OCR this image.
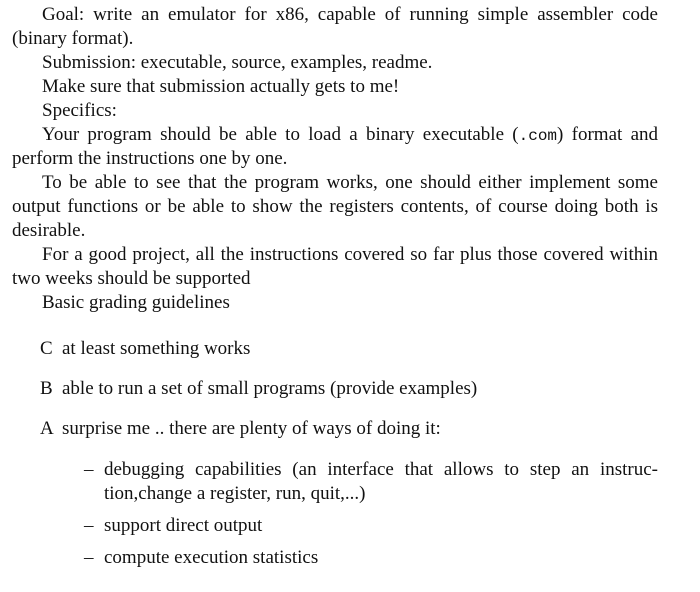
Goal: write an emulator for x86, capable of running simple assembler code
(binary format).
Submission: executable, source, examples, readme.
Make sure that submission actually gets to me!
Specifics:
Your program should be able to load a binary executable (.com) format and
perform the instructions one by one.
To be able to see that the program works, one should either implement some
output functions or be able to show the registers contents, of course doing both is
desirable.
For a good project, all the instructions covered so far plus those covered within
two weeks should be supported
Basic grading guidelines
C at least something works
B able to run a set of small programs (provide examples)
A surprise me .. there are plenty of ways of doing it:
– debugging capabilities (an interface that allows to step an instruc-
tion,change a register, run, quit,...)
– support direct output
– compute execution statistics
